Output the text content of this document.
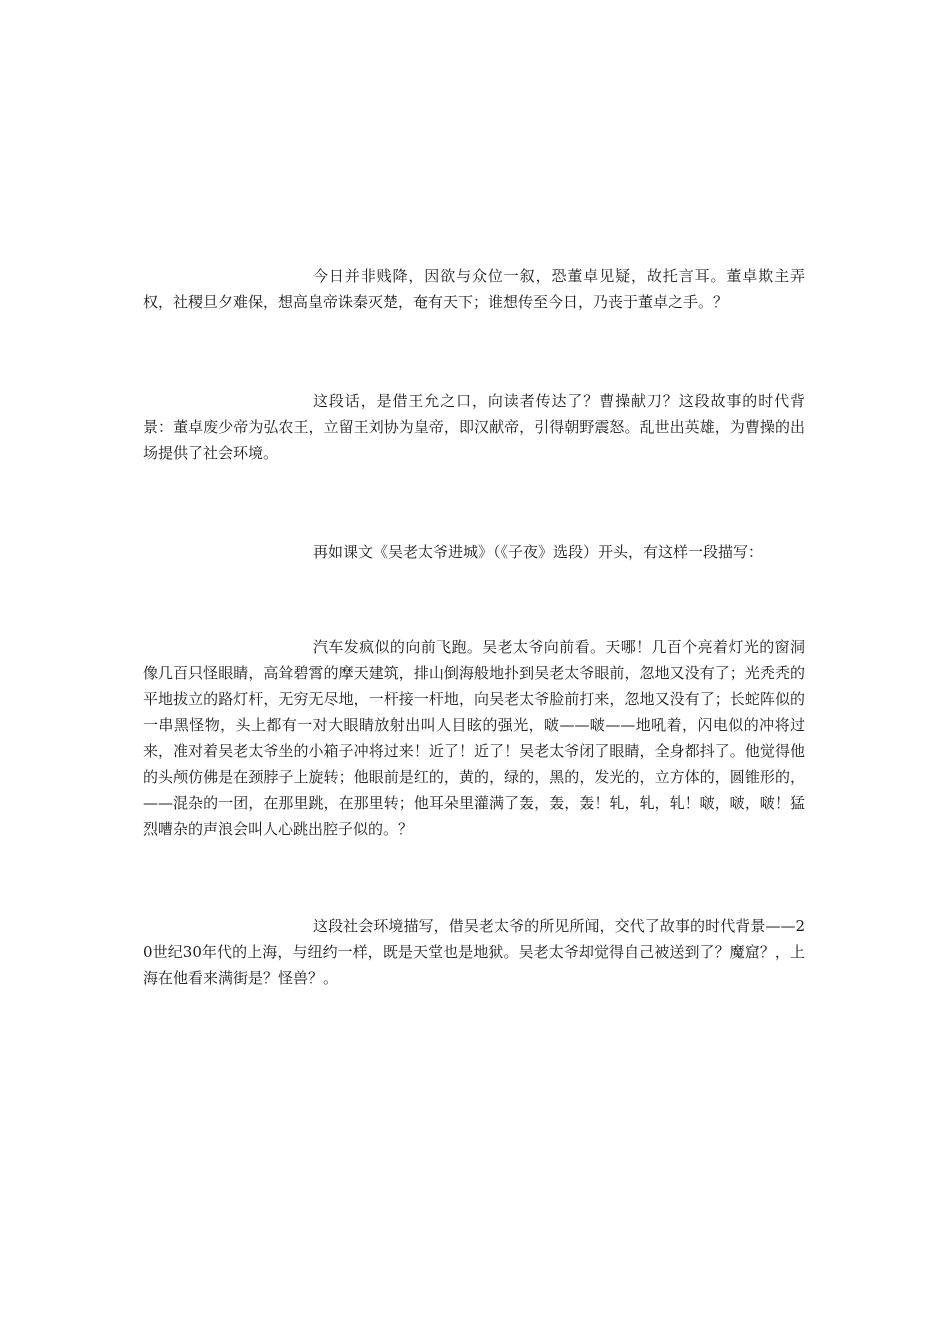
今日并非贱降，因欲与众位一叙，恐董卓见疑，故托言耳。董卓欺主弄权，社稷旦夕难保，想高皇帝诛秦灭楚，奄有天下；谁想传至今日，乃丧于董卓之手。？

这段话，是借王允之口，向读者传达了？曹操献刀？这段故事的时代背景：董卓废少帝为弘农王，立留王刘协为皇帝，即汉献帝，引得朝野震怒。乱世出英雄，为曹操的出场提供了社会环境。

再如课文《吴老太爷进城》（《子夜》选段）开头，有这样一段描写：

汽车发疯似的向前飞跑。吴老太爷向前看。天哪！几百个亮着灯光的窗洞像几百只怪眼睛，高耸碧霄的摩天建筑，排山倒海般地扑到吴老太爷眼前，忽地又没有了；光秃秃的平地拔立的路灯杆，无穷无尽地，一杆接一杆地，向吴老太爷脸前打来，忽地又没有了；长蛇阵似的一串黑怪物，头上都有一对大眼睛放射出叫人目眩的强光，啵——啵——地吼着，闪电似的冲将过来，准对着吴老太爷坐的小箱子冲将过来！近了！近了！吴老太爷闭了眼睛，全身都抖了。他觉得他的头颅仿佛是在颈脖子上旋转；他眼前是红的，黄的，绿的，黑的，发光的，立方体的，圆锥形的，——混杂的一团，在那里跳，在那里转；他耳朵里灌满了轰，轰，轰！轧，轧，轧！啵，啵，啵！猛烈嘈杂的声浪会叫人心跳出腔子似的。？

这段社会环境描写，借吴老太爷的所见所闻，交代了故事的时代背景——20世纪30年代的上海，与纽约一样，既是天堂也是地狱。吴老太爷却觉得自己被送到了？魔窟？，上海在他看来满街是？怪兽？。
